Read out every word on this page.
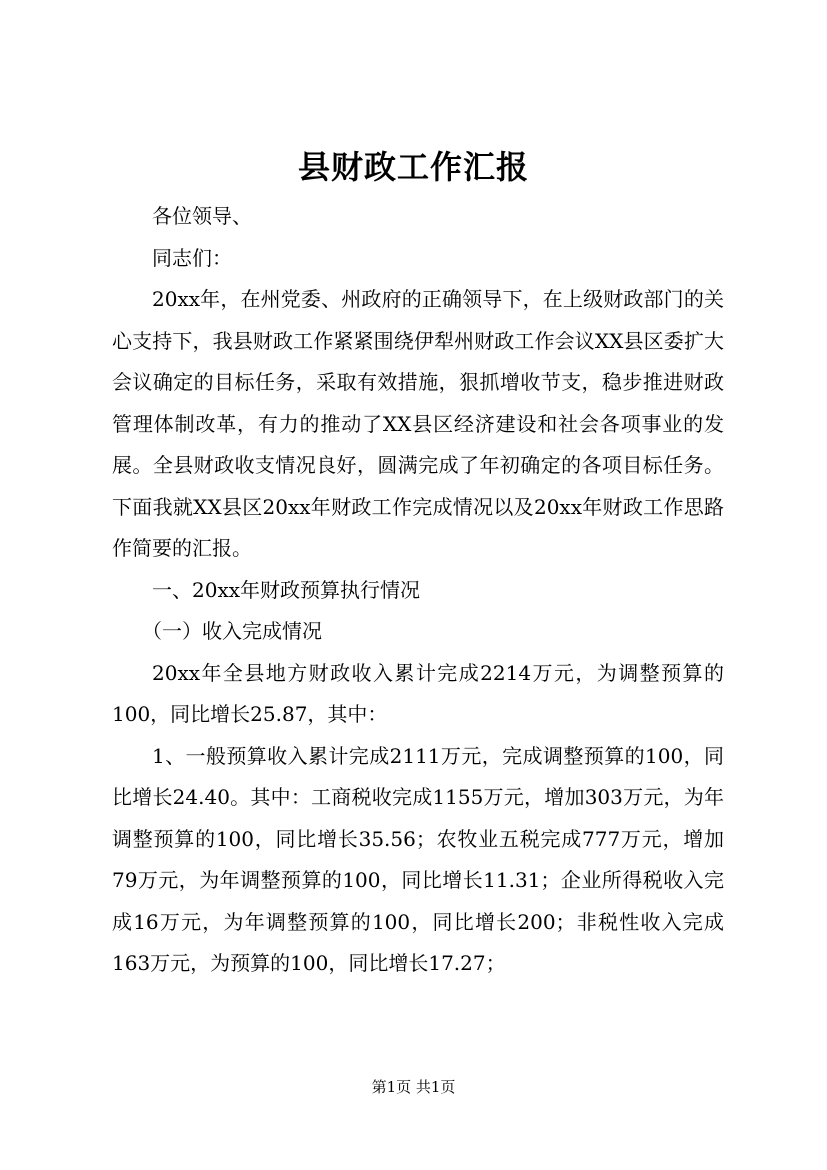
县财政工作汇报

各位领导、

同志们：

20xx年，在州党委、州政府的正确领导下，在上级财政部门的关心支持下，我县财政工作紧紧围绕伊犁州财政工作会议XX县区委扩大会议确定的目标任务，采取有效措施，狠抓增收节支，稳步推进财政管理体制改革，有力的推动了XX县区经济建设和社会各项事业的发展。全县财政收支情况良好，圆满完成了年初确定的各项目标任务。下面我就XX县区20xx年财政工作完成情况以及20xx年财政工作思路作简要的汇报。

一、20xx年财政预算执行情况

（一）收入完成情况

20xx年全县地方财政收入累计完成2214万元，为调整预算的100，同比增长25.87，其中：

1、一般预算收入累计完成2111万元，完成调整预算的100，同比增长24.40。其中：工商税收完成1155万元，增加303万元，为年调整预算的100，同比增长35.56；农牧业五税完成777万元，增加79万元，为年调整预算的100，同比增长11.31；企业所得税收入完成16万元，为年调整预算的100，同比增长200；非税性收入完成163万元，为预算的100，同比增长17.27；

第1页 共1页
